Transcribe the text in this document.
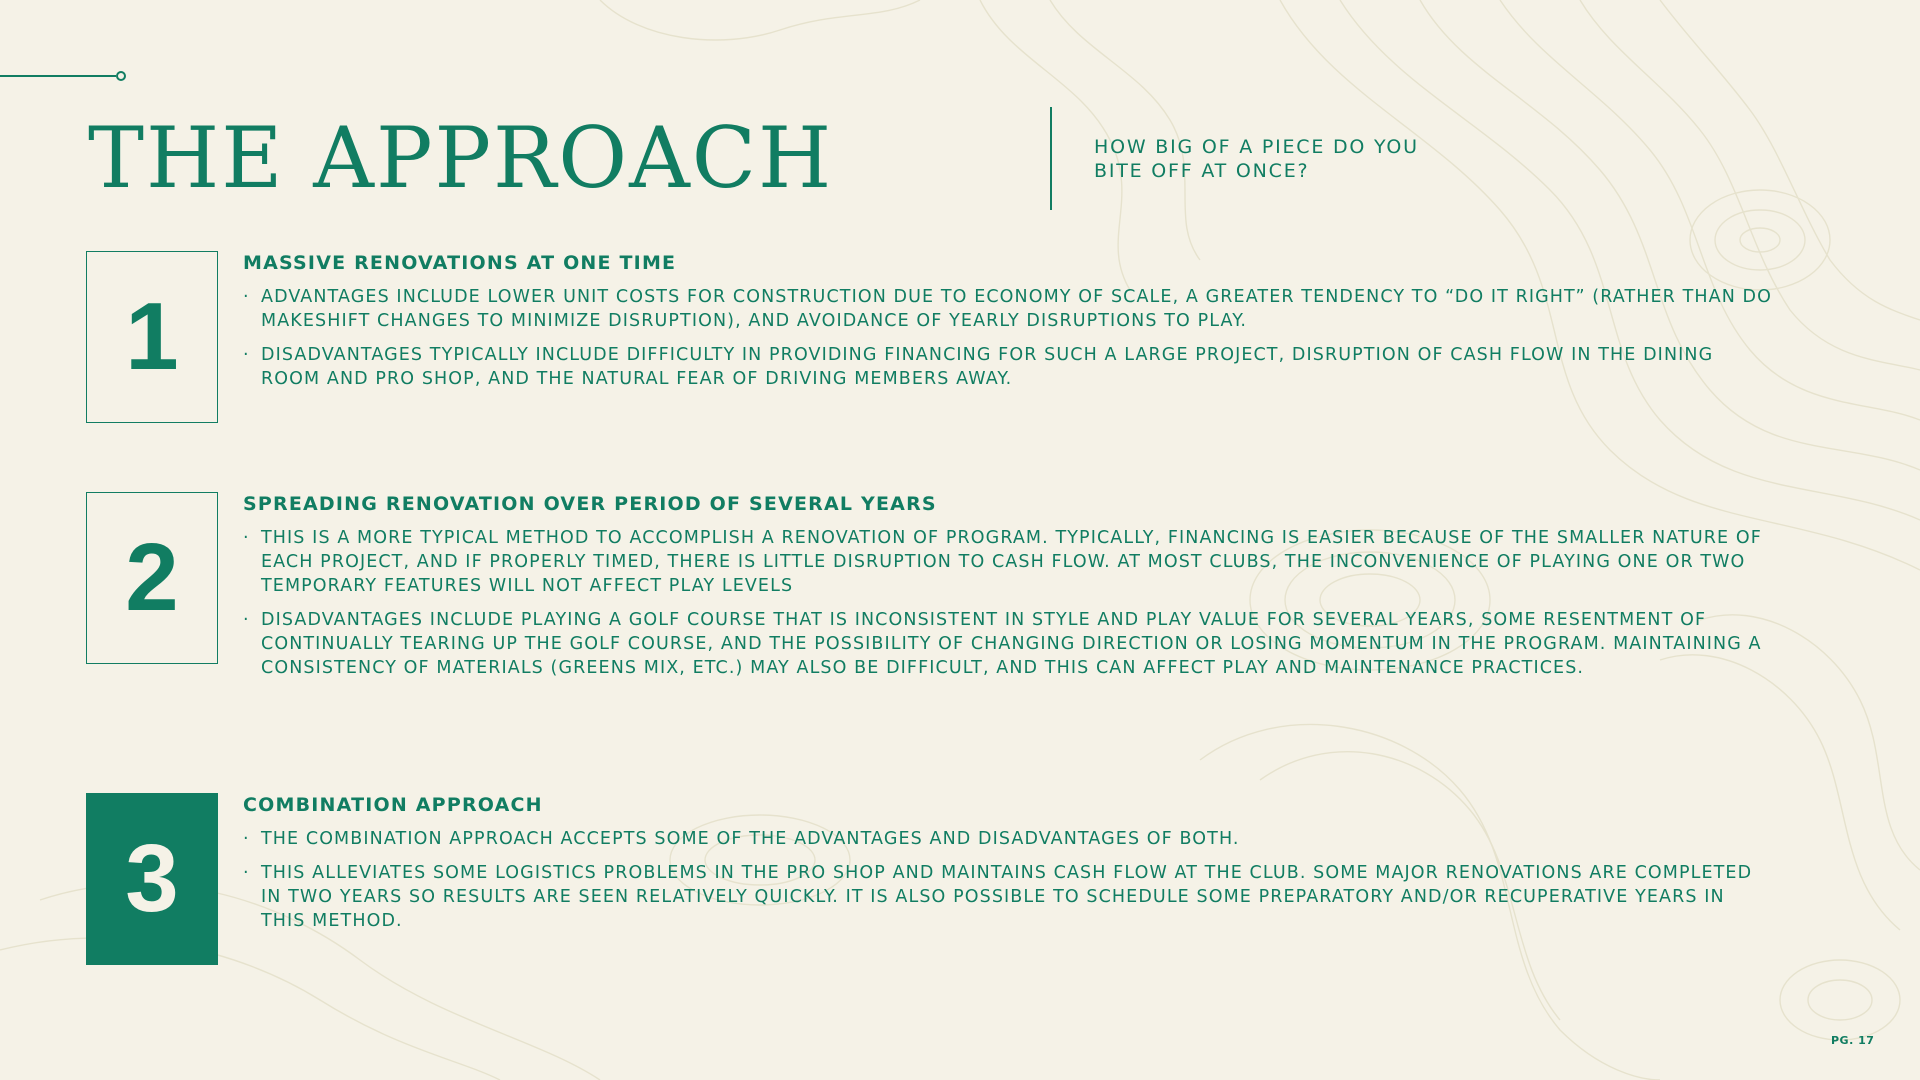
THE APPROACH	HOW BIG OF A PIECE DO YOU BITE OFF AT ONCE?
1
MASSIVE RENOVATIONS AT ONE TIME
· ADVANTAGES INCLUDE LOWER UNIT COSTS FOR CONSTRUCTION DUE TO ECONOMY OF SCALE, A GREATER TENDENCY TO “DO IT RIGHT” (RATHER THAN DO MAKESHIFT CHANGES TO MINIMIZE DISRUPTION), AND AVOIDANCE OF YEARLY DISRUPTIONS TO PLAY.
· DISADVANTAGES TYPICALLY INCLUDE DIFFICULTY IN PROVIDING FINANCING FOR SUCH A LARGE PROJECT, DISRUPTION OF CASH FLOW IN THE DINING ROOM AND PRO SHOP, AND THE NATURAL FEAR OF DRIVING MEMBERS AWAY.
2
SPREADING RENOVATION OVER PERIOD OF SEVERAL YEARS
· THIS IS A MORE TYPICAL METHOD TO ACCOMPLISH A RENOVATION OF PROGRAM. TYPICALLY, FINANCING IS EASIER BECAUSE OF THE SMALLER NATURE OF EACH PROJECT, AND IF PROPERLY TIMED, THERE IS LITTLE DISRUPTION TO CASH FLOW. AT MOST CLUBS, THE INCONVENIENCE OF PLAYING ONE OR TWO TEMPORARY FEATURES WILL NOT AFFECT PLAY LEVELS
· DISADVANTAGES INCLUDE PLAYING A GOLF COURSE THAT IS INCONSISTENT IN STYLE AND PLAY VALUE FOR SEVERAL YEARS, SOME RESENTMENT OF CONTINUALLY TEARING UP THE GOLF COURSE, AND THE POSSIBILITY OF CHANGING DIRECTION OR LOSING MOMENTUM IN THE PROGRAM. MAINTAINING A CONSISTENCY OF MATERIALS (GREENS MIX, ETC.) MAY ALSO BE DIFFICULT, AND THIS CAN AFFECT PLAY AND MAINTENANCE PRACTICES.
3
COMBINATION APPROACH
· THE COMBINATION APPROACH ACCEPTS SOME OF THE ADVANTAGES AND DISADVANTAGES OF BOTH.
· THIS ALLEVIATES SOME LOGISTICS PROBLEMS IN THE PRO SHOP AND MAINTAINS CASH FLOW AT THE CLUB. SOME MAJOR RENOVATIONS ARE COMPLETED IN TWO YEARS SO RESULTS ARE SEEN RELATIVELY QUICKLY. IT IS ALSO POSSIBLE TO SCHEDULE SOME PREPARATORY AND/OR RECUPERATIVE YEARS IN THIS METHOD.
PG. 17
